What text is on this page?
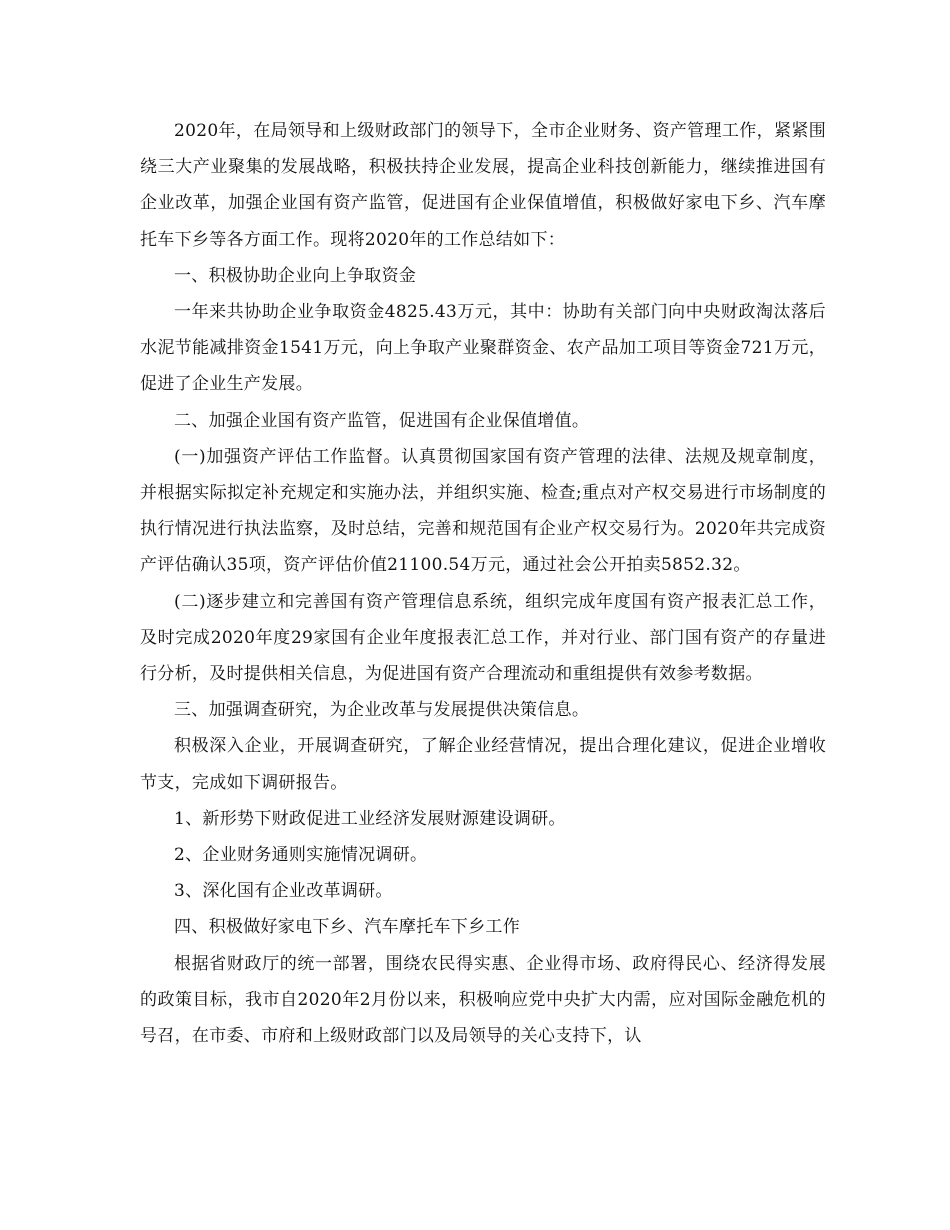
2020年，在局领导和上级财政部门的领导下，全市企业财务、资产管理工作，紧紧围绕三大产业聚集的发展战略，积极扶持企业发展，提高企业科技创新能力，继续推进国有企业改革，加强企业国有资产监管，促进国有企业保值增值，积极做好家电下乡、汽车摩托车下乡等各方面工作。现将2020年的工作总结如下：

一、积极协助企业向上争取资金

一年来共协助企业争取资金4825.43万元，其中：协助有关部门向中央财政淘汰落后水泥节能减排资金1541万元，向上争取产业聚群资金、农产品加工项目等资金721万元，促进了企业生产发展。

二、加强企业国有资产监管，促进国有企业保值增值。

(一)加强资产评估工作监督。认真贯彻国家国有资产管理的法律、法规及规章制度，并根据实际拟定补充规定和实施办法，并组织实施、检查;重点对产权交易进行市场制度的执行情况进行执法监察，及时总结，完善和规范国有企业产权交易行为。2020年共完成资产评估确认35项，资产评估价值21100.54万元，通过社会公开拍卖5852.32。

(二)逐步建立和完善国有资产管理信息系统，组织完成年度国有资产报表汇总工作，及时完成2020年度29家国有企业年度报表汇总工作，并对行业、部门国有资产的存量进行分析，及时提供相关信息，为促进国有资产合理流动和重组提供有效参考数据。

三、加强调查研究，为企业改革与发展提供决策信息。

积极深入企业，开展调查研究，了解企业经营情况，提出合理化建议，促进企业增收节支，完成如下调研报告。

1、新形势下财政促进工业经济发展财源建设调研。

2、企业财务通则实施情况调研。

3、深化国有企业改革调研。

四、积极做好家电下乡、汽车摩托车下乡工作

根据省财政厅的统一部署，围绕农民得实惠、企业得市场、政府得民心、经济得发展的政策目标，我市自2020年2月份以来，积极响应党中央扩大内需，应对国际金融危机的号召，在市委、市府和上级财政部门以及局领导的关心支持下，认
